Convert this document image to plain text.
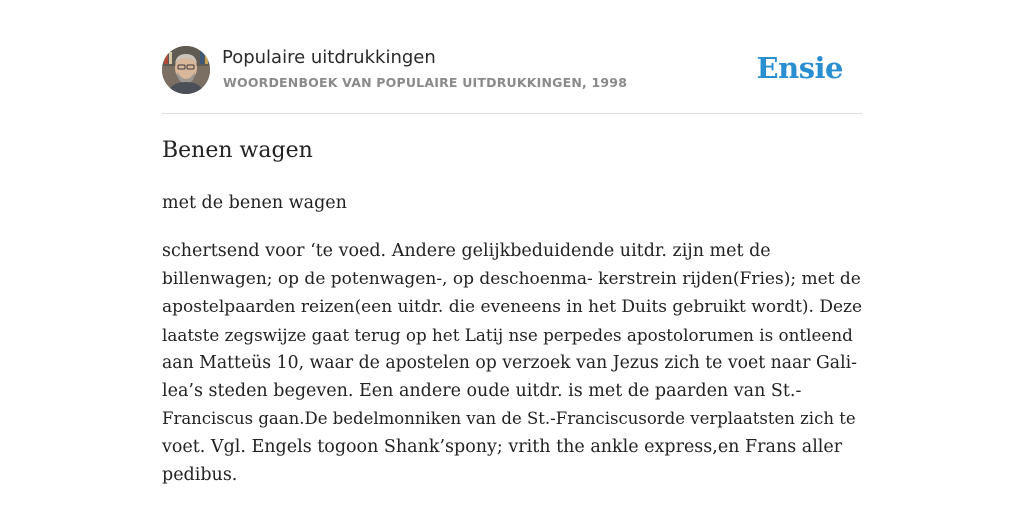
Populaire uitdrukkingen
WOORDENBOEK VAN POPULAIRE UITDRUKKINGEN, 1998	Ensie
Benen wagen
met de benen wagen
schertsend voor ‘te voed. Andere gelijkbeduidende uitdr. zijn met de
billenwagen; op de potenwagen-, op deschoenma- kerstrein rijden(Fries); met de
apostelpaarden reizen(een uitdr. die eveneens in het Duits gebruikt wordt). Deze
laatste zegswijze gaat terug op het Latij nse perpedes apostolorumen is ontleend
aan Matteüs 10, waar de apostelen op verzoek van Jezus zich te voet naar Gali-
lea’s steden begeven. Een andere oude uitdr. is met de paarden van St.-
Franciscus gaan.De bedelmonniken van de St.-Franciscusorde verplaatsten zich te
voet. Vgl. Engels togoon Shank’spony; vrith the ankle express,en Frans aller
pedibus.
